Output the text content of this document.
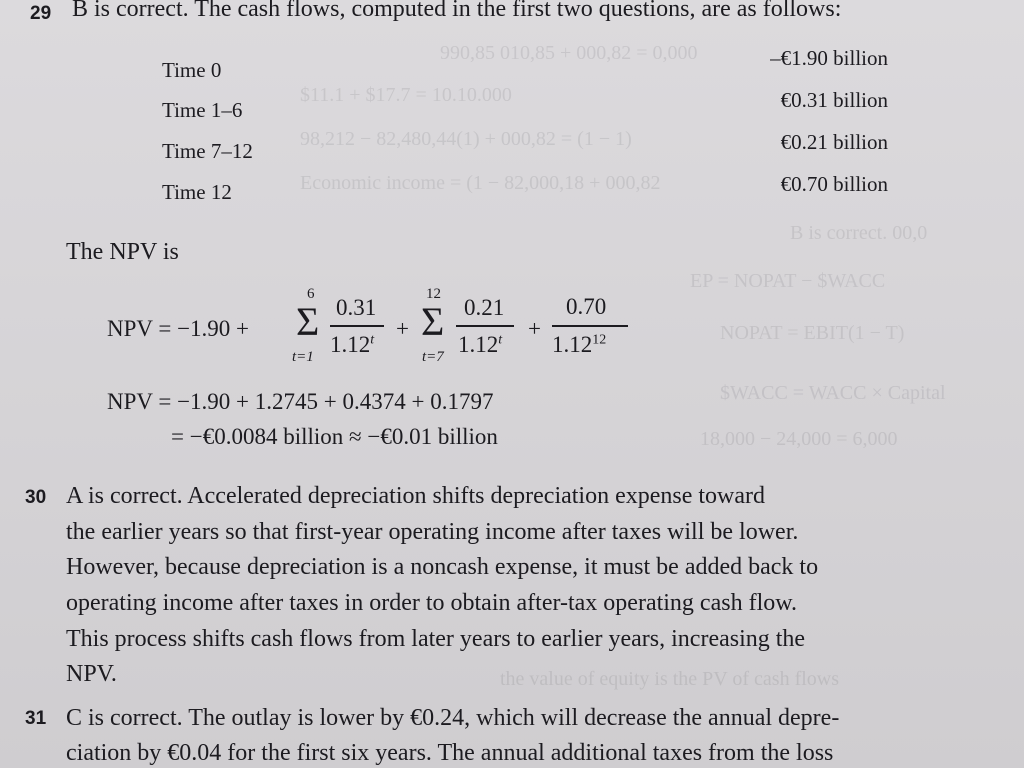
990,85 010,85 + 000,82 = 0,000
$11.1 + $17.7 = 10.10.000
98,212 − 82,480,44(1) + 000,82 = (1 − 1)
Economic income = (1 − 82,000,18 + 000,82
B is correct. 00,0
EP = NOPAT − $WACC
NOPAT = EBIT(1 − T)
$WACC = WACC × Capital
18,000 − 24,000 = 6,000
the value of equity is the PV of cash flows
29 B is correct. The cash flows, computed in the first two questions, are as follows:
Time 0	–€1.90 billion
Time 1–6	€0.31 billion
Time 7–12	€0.21 billion
Time 12	€0.70 billion
The NPV is
NPV = −1.90 +
6
Σ
t=1
0.31
$1.12^t$ +
12
Σ
t=7
0.21
$1.12^t$ +
0.70
1.12$^{12}$
NPV = −1.90 + 1.2745 + 0.4374 + 0.1797
= −€0.0084 billion ≈ −€0.01 billion
30 A is correct. Accelerated depreciation shifts depreciation expense toward
the earlier years so that first-year operating income after taxes will be lower.
However, because depreciation is a noncash expense, it must be added back to
operating income after taxes in order to obtain after-tax operating cash flow.
This process shifts cash flows from later years to earlier years, increasing the
NPV.
31 C is correct. The outlay is lower by €0.24, which will decrease the annual depre-
ciation by €0.04 for the first six years. The annual additional taxes from the loss
